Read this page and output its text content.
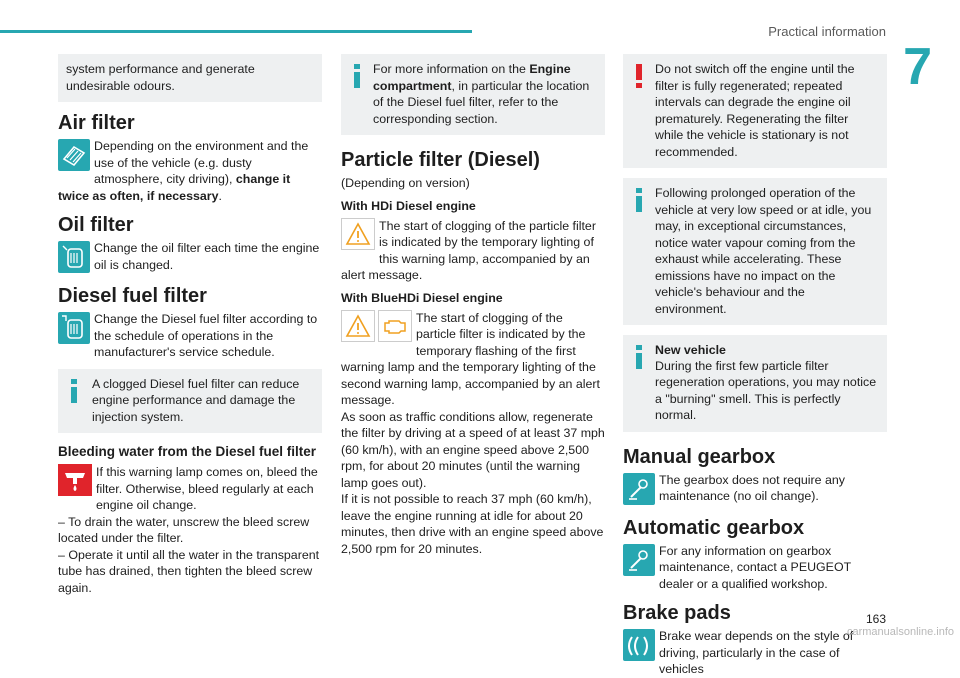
Practical information
7

system performance and generate undesirable odours.

Air filter

Depending on the environment and the use of the vehicle (e.g. dusty atmosphere, city driving), change it twice as often, if necessary.

Oil filter

Change the oil filter each time the engine oil is changed.

Diesel fuel filter

Change the Diesel fuel filter according to the schedule of operations in the manufacturer's service schedule.

A clogged Diesel fuel filter can reduce engine performance and damage the injection system.

Bleeding water from the Diesel fuel filter

If this warning lamp comes on, bleed the filter. Otherwise, bleed regularly at each engine oil change.

– To drain the water, unscrew the bleed screw located under the filter.

– Operate it until all the water in the transparent tube has drained, then tighten the bleed screw again.

For more information on the Engine compartment, in particular the location of the Diesel fuel filter, refer to the corresponding section.

Particle filter (Diesel)

(Depending on version)

With HDi Diesel engine

The start of clogging of the particle filter is indicated by the temporary lighting of this warning lamp, accompanied by an alert message.

With BlueHDi Diesel engine

The start of clogging of the particle filter is indicated by the temporary flashing of the first warning lamp and the temporary lighting of the second warning lamp, accompanied by an alert message.

As soon as traffic conditions allow, regenerate the filter by driving at a speed of at least 37 mph (60 km/h), with an engine speed above 2,500 rpm, for about 20 minutes (until the warning lamp goes out).

If it is not possible to reach 37 mph (60 km/h), leave the engine running at idle for about 20 minutes, then drive with an engine speed above 2,500 rpm for 20 minutes.

Do not switch off the engine until the filter is fully regenerated; repeated intervals can degrade the engine oil prematurely. Regenerating the filter while the vehicle is stationary is not recommended.

Following prolonged operation of the vehicle at very low speed or at idle, you may, in exceptional circumstances, notice water vapour coming from the exhaust while accelerating. These emissions have no impact on the vehicle's behaviour and the environment.

New vehicle

During the first few particle filter regeneration operations, you may notice a "burning" smell. This is perfectly normal.

Manual gearbox

The gearbox does not require any maintenance (no oil change).

Automatic gearbox

For any information on gearbox maintenance, contact a PEUGEOT dealer or a qualified workshop.

Brake pads

Brake wear depends on the style of driving, particularly in the case of vehicles

163
carmanualsonline.info
